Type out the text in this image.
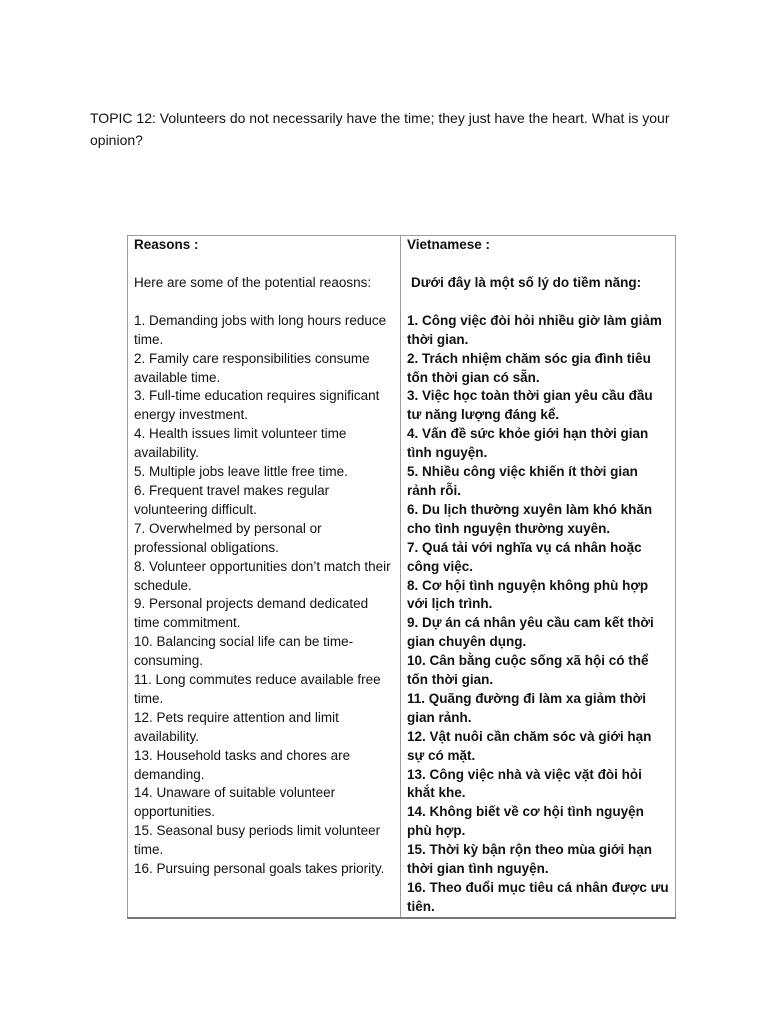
TOPIC 12: Volunteers do not necessarily have the time; they just have the heart. What is your opinion?

Reasons :
Here are some of the potential reaosns:
1. Demanding jobs with long hours reduce time.
2. Family care responsibilities consume available time.
3. Full-time education requires significant energy investment.
4. Health issues limit volunteer time availability.
5. Multiple jobs leave little free time.
6. Frequent travel makes regular volunteering difficult.
7. Overwhelmed by personal or professional obligations.
8. Volunteer opportunities don’t match their schedule.
9. Personal projects demand dedicated time commitment.
10. Balancing social life can be time-consuming.
11. Long commutes reduce available free time.
12. Pets require attention and limit availability.
13. Household tasks and chores are demanding.
14. Unaware of suitable volunteer opportunities.
15. Seasonal busy periods limit volunteer time.
16. Pursuing personal goals takes priority.

Vietnamese :
Dưới đây là một số lý do tiềm năng:
1. Công việc đòi hỏi nhiều giờ làm giảm thời gian.
2. Trách nhiệm chăm sóc gia đình tiêu tốn thời gian có sẵn.
3. Việc học toàn thời gian yêu cầu đầu tư năng lượng đáng kể.
4. Vấn đề sức khỏe giới hạn thời gian tình nguyện.
5. Nhiều công việc khiến ít thời gian rảnh rỗi.
6. Du lịch thường xuyên làm khó khăn cho tình nguyện thường xuyên.
7. Quá tải với nghĩa vụ cá nhân hoặc công việc.
8. Cơ hội tình nguyện không phù hợp với lịch trình.
9. Dự án cá nhân yêu cầu cam kết thời gian chuyên dụng.
10. Cân bằng cuộc sống xã hội có thể tốn thời gian.
11. Quãng đường đi làm xa giảm thời gian rảnh.
12. Vật nuôi cần chăm sóc và giới hạn sự có mặt.
13. Công việc nhà và việc vặt đòi hỏi khắt khe.
14. Không biết về cơ hội tình nguyện phù hợp.
15. Thời kỳ bận rộn theo mùa giới hạn thời gian tình nguyện.
16. Theo đuổi mục tiêu cá nhân được ưu tiên.
